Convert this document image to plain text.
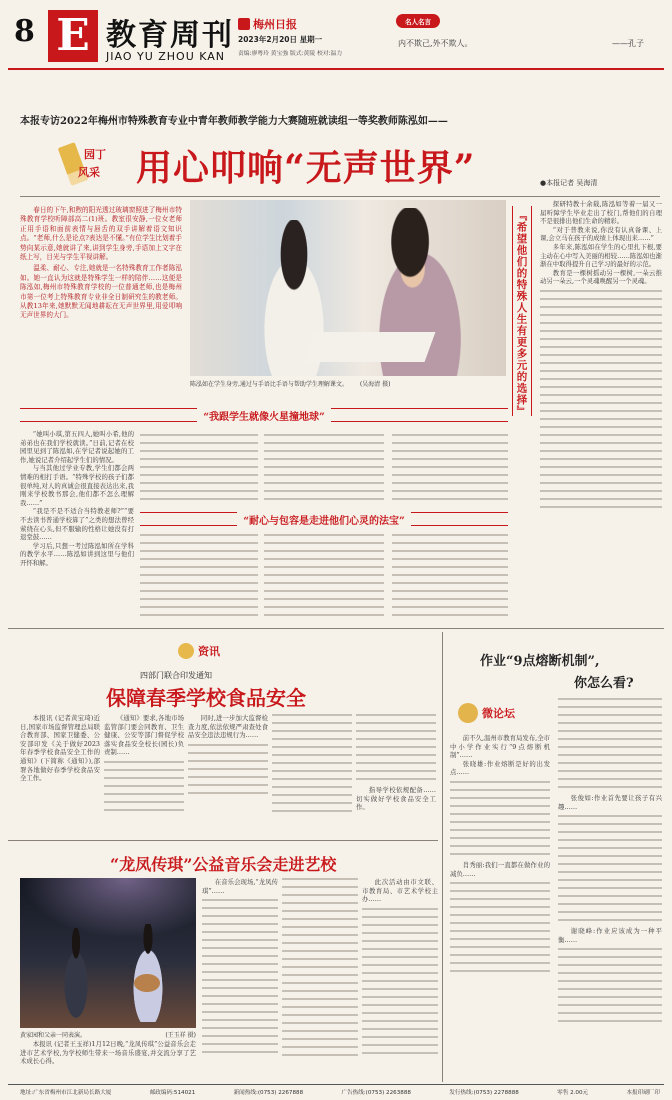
8 E 教育周刊
JIAO YU ZHOU KAN
梅州日报
2023年2月20日 星期一
责编:廖粤玲 黄宝強 版式:黄陵 校对:温力
名人名言
内不欺己,外不欺人。	——孔子
本报专访2022年梅州市特殊教育专业中青年教师教学能力大赛随班就读组一等奖教师陈泓如——
园丁
风采 用心叩响“无声世界”	●本报记者 吴海清

春日的下午,和煦的阳光透过玻璃窗照进了梅州市特殊教育学校听障部高二(1)班。教室很安静,一位女老师正用手语和面前表情与唇舌的双手讲解着语文知识点。“老师,什么是论点?表达是不懂。”有位学生比划着手势向某示意,她就讲了来,讲到学生身旁,手语加上文字在纸上写，目光与学生平视讲解。

温柔、耐心、专注,她就是一名特殊教育工作者陈泓如。她一直认为这就是特殊学生一样的陪伴……这便是陈泓如,梅州市特殊教育学校的一位普通老师,也是梅州市第一位考上特殊教育专业非全日制研究生的教老师。从教13年来,她默默无闻地耕耘在无声世界里,用爱叩响无声世界的大门。

陈泓如在学生身旁,通过与手语比手语与帮助学生理解课文。 (吴海清 摄)	『希望他们的特殊人生有更多元的选择』

探研特教十余载,陈泓如等着一届又一届听障学生毕业走出了校门,帮他们的自理不是很排出他们生命的精彩。

“对于普教来说,你没有认真备课、上课,会立马在孩子的成绩上体现出来……”

多年来,陈泓如在学生的心里扎下根,要主动在心中写入美丽的相较……陈泓如也渐渐在中取得提升自己学习的最好的示范。

教育是一棵树摇动另一棵树,一朵云推动另一朵云,一个灵魂唤醒另一个灵魂。

“我跟学生就像火星撞地球”

“她叫小琪,第五四人,她叫小希,他的弟弟也在我们学校就读。”日前,记者在校园里见到了陈泓如,在学记者说起她的工作,她说记者介绍起学生们的情况。

与当其他过学业专教,学生们都会两情难的相打手语。“特殊学校的孩子们都很单纯,对人的真诚会很直接表达出来,我刚来学校教书那会,他们都不怎么理解我……”

“我是不是不适合当特教老师?”“要不去读书普通学校算了”之类的想法曾经萦绕在心头,但不服输的性格让她没有打退堂鼓……

学习后,只想一考过陈泓如所在学科的教学水平……陈泓如讲到这里与他们开怀和解。

“耐心与包容是走进他们心灵的法宝”
资讯
四部门联合印发通知
保障春季学校食品安全

本报讯 (记者黄宝琦)近日,国家市场监督管理总局联合教育部、国家卫健委、公安部印发《关于做好2023年春季学校食品安全工作的通知》(下简称《通知》),部署各地做好春季学校食品安全工作。

《通知》要求,各地市场监管部门要会同教育、卫生健康、公安等部门督促学校落实食品安全校长(园长)负责制……

同时,进一步加大监督检查力度,依法依规严肃查处食品安全违法违规行为……

指导学校依规配备……切实做好学校食品安全工作。

“龙凤传琪”公益音乐会走进艺校
黄家园和父亲一同表演。	(王玉祥 摄)

本报讯 (记者王玉祥)1月12日晚,“龙凤传琪”公益音乐会走进市艺术学校,为学校师生带来一场音乐盛宴,并交流分享了艺术成长心得。

在音乐会现场,“龙凤传琪”……

此次活动由市文联、市教育局、市艺术学校主办……

作业“9点熔断机制”,
你怎么看?
微论坛

前不久,温州市教育局发布,全市中小学作业实行“9点熔断机制”……

张晓雄:作业熔断是好的出发点……

肖秀丽:我们一直都在做作业的减负……

张俊如:作业首先要让孩子有兴趣……

谢晓峰:作业应该成为一种平衡……

地址:广东省梅州市江北新局长路大厦	邮政编码:514021	新闻热线:(0753) 2267888	广告热线:(0753) 2263888	发行热线:(0753) 2278888	零售 2.00元	本报印刷厂印
